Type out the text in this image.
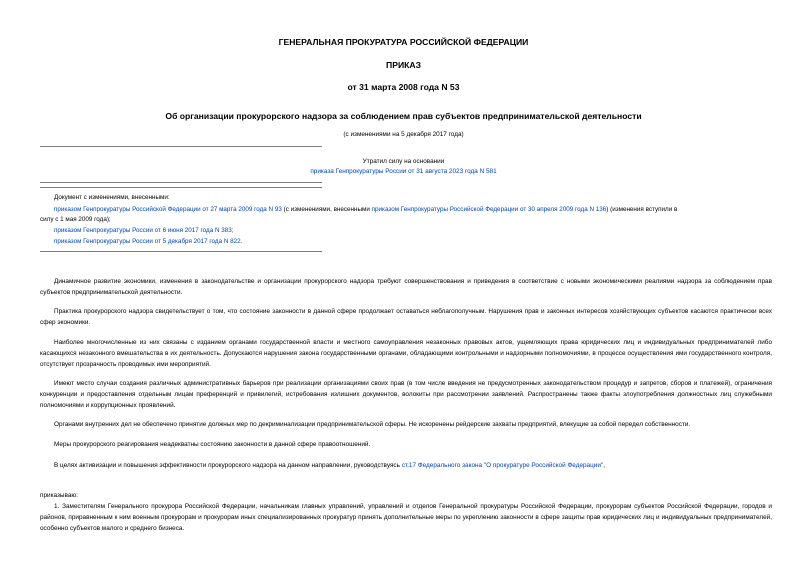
ГЕНЕРАЛЬНАЯ ПРОКУРАТУРА РОССИЙСКОЙ ФЕДЕРАЦИИ
ПРИКАЗ
от 31 марта 2008 года N 53
Об организации прокурорского надзора за соблюдением прав субъектов предпринимательской деятельности
(с изменениями на 5 декабря 2017 года)
Утратил силу на основании
приказа Генпрокуратуры России от 31 августа 2023 года N 581
Документ с изменениями, внесенными:
приказом Генпрокуратуры Российской Федерации от 27 марта 2009 года N 93 (с изменениями, внесенными приказом Генпрокуратуры Российской Федерации от 30 апреля 2009 года N 136) (изменения вступили в
силу с 1 мая 2009 года);
приказом Генпрокуратуры России от 6 июня 2017 года N 383;
приказом Генпрокуратуры России от 5 декабря 2017 года N 822.
Динамичное развитие экономики, изменения в законодательстве и организации прокурорского надзора требуют совершенствования и приведения в соответствие с новыми экономическими реалиями надзора за соблюдением прав субъектов предпринимательской деятельности.
Практика прокурорского надзора свидетельствует о том, что состояние законности в данной сфере продолжает оставаться неблагополучным. Нарушения прав и законных интересов хозяйствующих субъектов касаются практически всех сфер экономики.
Наиболее многочисленные из них связаны с изданием органами государственной власти и местного самоуправления незаконных правовых актов, ущемляющих права юридических лиц и индивидуальных предпринимателей либо касающихся незаконного вмешательства в их деятельность. Допускаются нарушения закона государственными органами, обладающими контрольными и надзорными полномочиями, в процессе осуществления ими государственного контроля, отсутствует прозрачность проводимых ими мероприятий.
Имеют место случаи создания различных административных барьеров при реализации организациями своих прав (в том числе введения не предусмотренных законодательством процедур и запретов, сборов и платежей), ограничения конкуренции и предоставления отдельным лицам преференций и привилегий, истребования излишних документов, волокиты при рассмотрении заявлений. Распространены также факты злоупотребления должностных лиц служебными полномочиями и коррупционных проявлений.
Органами внутренних дел не обеспечено принятие должных мер по декриминализации предпринимательской сферы. Не искоренены рейдерские захваты предприятий, влекущие за собой передел собственности.
Меры прокурорского реагирования неадекватны состоянию законности в данной сфере правоотношений.
В целях активизации и повышения эффективности прокурорского надзора на данном направлении, руководствуясь ст.17 Федерального закона "О прокуратуре Российской Федерации",
приказываю:
1. Заместителям Генерального прокурора Российской Федерации, начальникам главных управлений, управлений и отделов Генеральной прокуратуры Российской Федерации, прокурорам субъектов Российской Федерации, городов и районов, приравненным к ним военным прокурорам и прокурорам иных специализированных прокуратур принять дополнительные меры по укреплению законности в сфере защиты прав юридических лиц и индивидуальных предпринимателей, особенно субъектов малого и среднего бизнеса.
